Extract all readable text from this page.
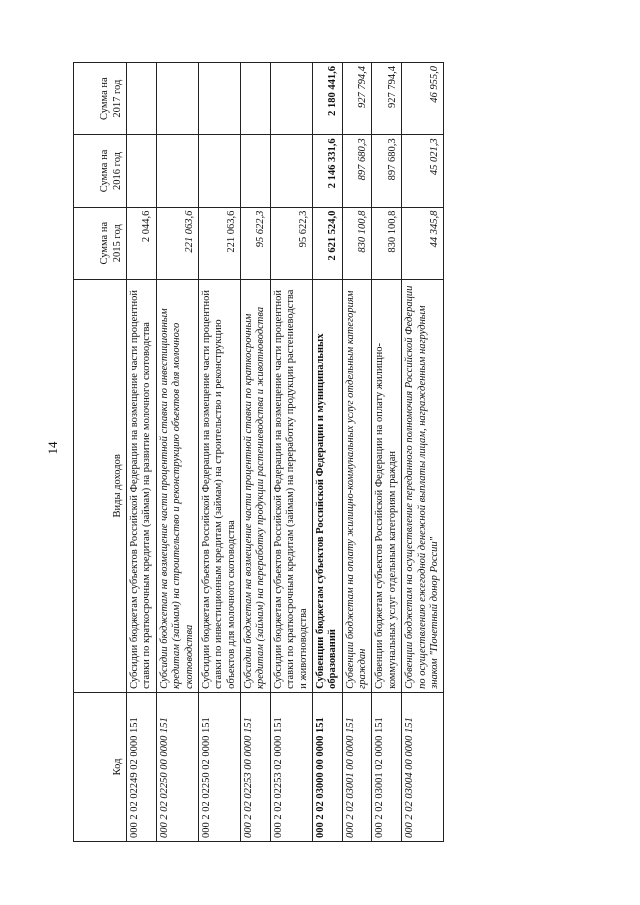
14
Код	Виды доходов	Сумма на 2015 год	Сумма на 2016 год	Сумма на 2017 год
000 2 02 02249 02 0000 151	Субсидии бюджетам субъектов Российской Федерации на возмещение части процентной ставки по краткосрочным кредитам (займам) на развитие молочного скотоводства	2 044,6		
000 2 02 02250 00 0000 151	Субсидии бюджетам на возмещение части процентной ставки по инвестиционным кредитам (займам) на строительство и реконструкцию объектов для молочного скотоводства	221 063,6		
000 2 02 02250 02 0000 151	Субсидии бюджетам субъектов Российской Федерации на возмещение части процентной ставки по инвестиционным кредитам (займам) на строительство и реконструкцию объектов для молочного скотоводства	221 063,6		
000 2 02 02253 00 0000 151	Субсидии бюджетам на возмещение части процентной ставки по краткосрочным кредитам (займам) на переработку продукции растениеводства и животноводства	95 622,3		
000 2 02 02253 02 0000 151	Субсидии бюджетам субъектов Российской Федерации на возмещение части процентной ставки по краткосрочным кредитам (займам) на переработку продукции растениеводства и животноводства	95 622,3		
000 2 02 03000 00 0000 151	Субвенции бюджетам субъектов Российской Федерации и муниципальных образований	2 621 524,0	2 146 331,6	2 180 441,6
000 2 02 03001 00 0000 151	Субвенции бюджетам на оплату жилищно-коммунальных услуг отдельным категориям граждан	830 100,8	897 680,3	927 794,4
000 2 02 03001 02 0000 151	Субвенции бюджетам субъектов Российской Федерации на оплату жилищно-коммунальных услуг отдельным категориям граждан	830 100,8	897 680,3	927 794,4
000 2 02 03004 00 0000 151	Субвенции бюджетам на осуществление переданного полномочия Российской Федерации по осуществлению ежегодной денежной выплаты лицам, награжденным нагрудным знаком "Почетный донор России"	44 345,8	45 021,3	46 955,0
